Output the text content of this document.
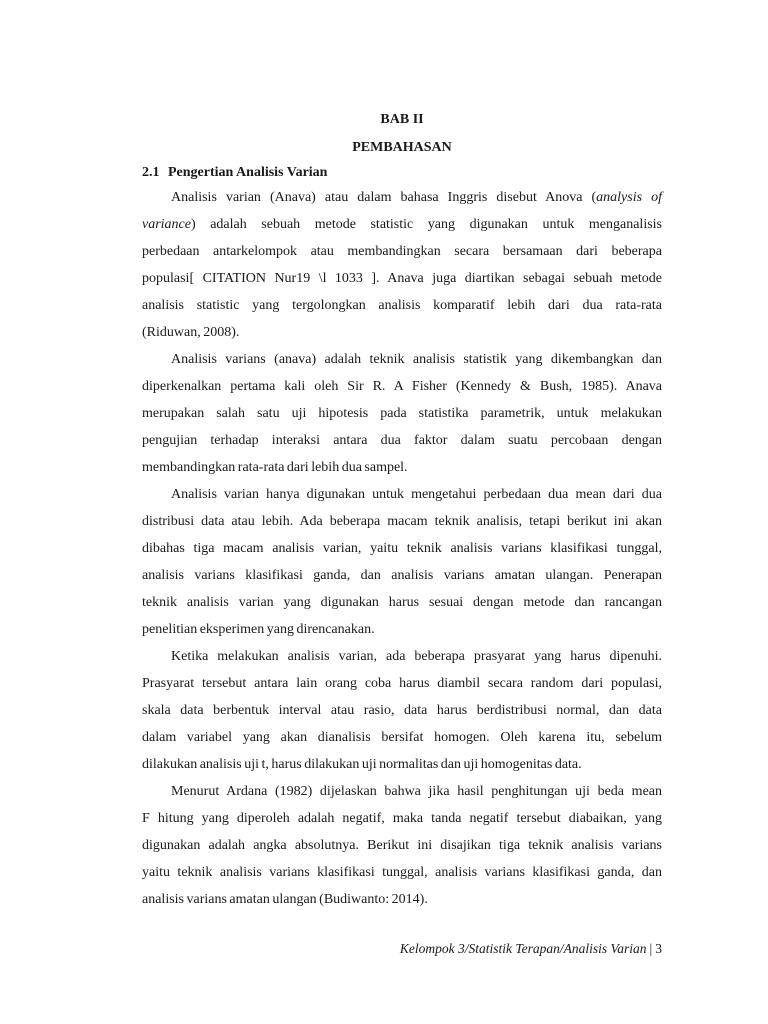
BAB II
PEMBAHASAN
2.1 Pengertian Analisis Varian
Analisis varian (Anava) atau dalam bahasa Inggris disebut Anova (analysis of
variance) adalah sebuah metode statistic yang digunakan untuk menganalisis
perbedaan antarkelompok atau membandingkan secara bersamaan dari beberapa
populasi[ CITATION Nur19 \l 1033 ]. Anava juga diartikan sebagai sebuah metode
analisis statistic yang tergolongkan analisis komparatif lebih dari dua rata-rata
(Riduwan, 2008).
Analisis varians (anava) adalah teknik analisis statistik yang dikembangkan dan
diperkenalkan pertama kali oleh Sir R. A Fisher (Kennedy & Bush, 1985). Anava
merupakan salah satu uji hipotesis pada statistika parametrik, untuk melakukan
pengujian terhadap interaksi antara dua faktor dalam suatu percobaan dengan
membandingkan rata-rata dari lebih dua sampel.
Analisis varian hanya digunakan untuk mengetahui perbedaan dua mean dari dua
distribusi data atau lebih. Ada beberapa macam teknik analisis, tetapi berikut ini akan
dibahas tiga macam analisis varian, yaitu teknik analisis varians klasifikasi tunggal,
analisis varians klasifikasi ganda, dan analisis varians amatan ulangan. Penerapan
teknik analisis varian yang digunakan harus sesuai dengan metode dan rancangan
penelitian eksperimen yang direncanakan.
Ketika melakukan analisis varian, ada beberapa prasyarat yang harus dipenuhi.
Prasyarat tersebut antara lain orang coba harus diambil secara random dari populasi,
skala data berbentuk interval atau rasio, data harus berdistribusi normal, dan data
dalam variabel yang akan dianalisis bersifat homogen. Oleh karena itu, sebelum
dilakukan analisis uji t, harus dilakukan uji normalitas dan uji homogenitas data.
Menurut Ardana (1982) dijelaskan bahwa jika hasil penghitungan uji beda mean
F hitung yang diperoleh adalah negatif, maka tanda negatif tersebut diabaikan, yang
digunakan adalah angka absolutnya. Berikut ini disajikan tiga teknik analisis varians
yaitu teknik analisis varians klasifikasi tunggal, analisis varians klasifikasi ganda, dan
analisis varians amatan ulangan (Budiwanto: 2014).
Kelompok 3/Statistik Terapan/Analisis Varian | 3
